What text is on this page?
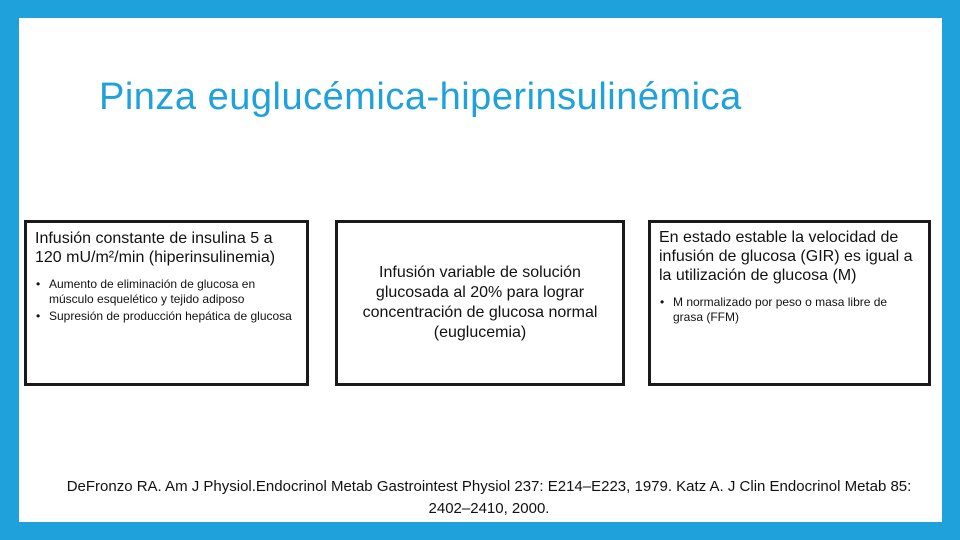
Pinza euglucémica-hiperinsulinémica

Infusión constante de insulina 5 a 120 mU/m²/min (hiperinsulinemia)

• Aumento de eliminación de glucosa en músculo esquelético y tejido adiposo
• Supresión de producción hepática de glucosa

Infusión variable de solución glucosada al 20% para lograr concentración de glucosa normal (euglucemia)

En estado estable la velocidad de infusión de glucosa (GIR) es igual a la utilización de glucosa (M)

• M normalizado por peso o masa libre de grasa (FFM)
DeFronzo RA. Am J Physiol.Endocrinol Metab Gastrointest Physiol 237: E214–E223, 1979. Katz A. J Clin Endocrinol Metab 85: 2402–2410, 2000.
